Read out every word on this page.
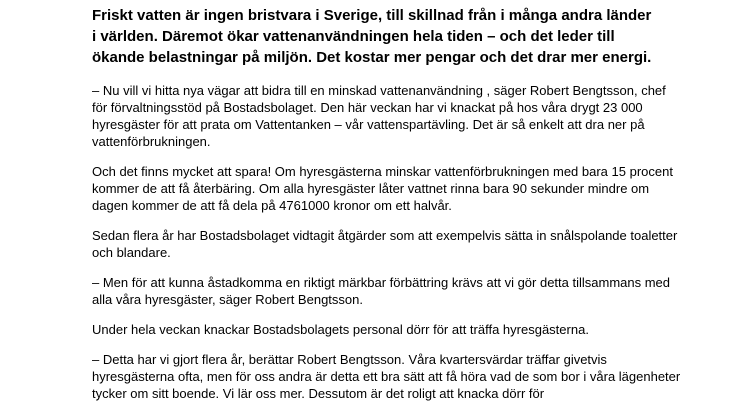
Friskt vatten är ingen bristvara i Sverige, till skillnad från i många andra länder i världen. Däremot ökar vattenanvändningen hela tiden – och det leder till ökande belastningar på miljön. Det kostar mer pengar och det drar mer energi.

– Nu vill vi hitta nya vägar att bidra till en minskad vattenanvändning , säger Robert Bengtsson, chef för förvaltningsstöd på Bostadsbolaget. Den här veckan har vi knackat på hos våra drygt 23 000 hyresgäster för att prata om Vattentanken – vår vattenspartävling. Det är så enkelt att dra ner på vattenförbrukningen.

Och det finns mycket att spara! Om hyresgästerna minskar vattenförbrukningen med bara 15 procent kommer de att få återbäring. Om alla hyresgäster låter vattnet rinna bara 90 sekunder mindre om dagen kommer de att få dela på 4761000 kronor om ett halvår.

Sedan flera år har Bostadsbolaget vidtagit åtgärder som att exempelvis sätta in snålspolande toaletter och blandare.

– Men för att kunna åstadkomma en riktigt märkbar förbättring krävs att vi gör detta tillsammans med alla våra hyresgäster, säger Robert Bengtsson.

Under hela veckan knackar Bostadsbolagets personal dörr för att träffa hyresgästerna.

– Detta har vi gjort flera år, berättar Robert Bengtsson. Våra kvartersvärdar träffar givetvis hyresgästerna ofta, men för oss andra är detta ett bra sätt att få höra vad de som bor i våra lägenheter tycker om sitt boende. Vi lär oss mer. Dessutom är det roligt att knacka dörr för
